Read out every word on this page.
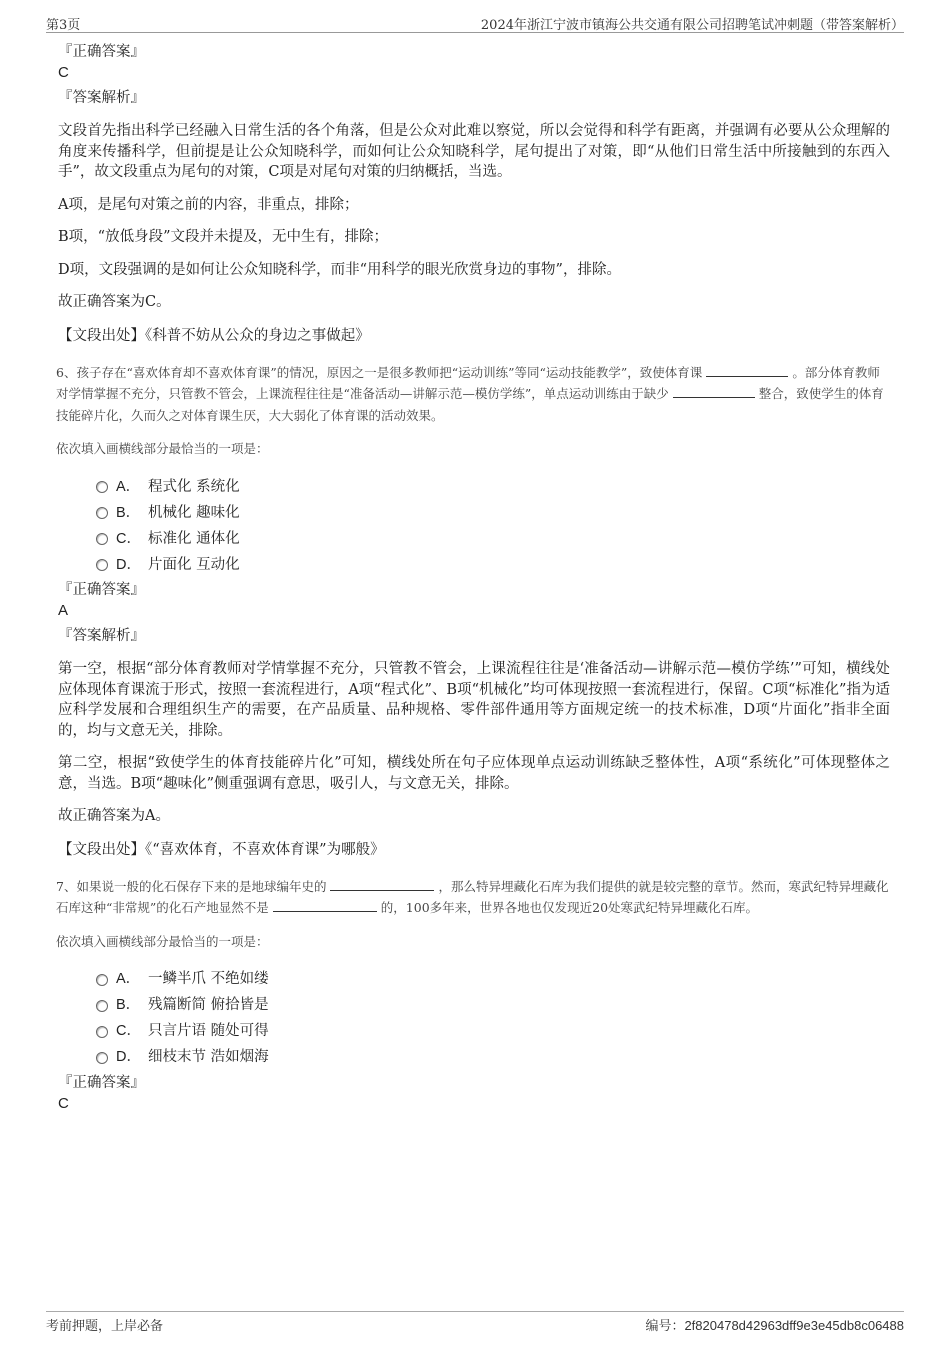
第3页	2024年浙江宁波市镇海公共交通有限公司招聘笔试冲刺题（带答案解析）
『正确答案』
C
『答案解析』
文段首先指出科学已经融入日常生活的各个角落，但是公众对此难以察觉，所以会觉得和科学有距离，并强调有必要从公众理解的角度来传播科学，但前提是让公众知晓科学，而如何让公众知晓科学，尾句提出了对策，即“从他们日常生活中所接触到的东西入手”，故文段重点为尾句的对策，C项是对尾句对策的归纳概括，当选。
A项，是尾句对策之前的内容，非重点，排除；
B项，“放低身段”文段并未提及，无中生有，排除；
D项，文段强调的是如何让公众知晓科学，而非“用科学的眼光欣赏身边的事物”，排除。
故正确答案为C。
【文段出处】《科普不妨从公众的身边之事做起》
6、孩子存在“喜欢体育却不喜欢体育课”的情况，原因之一是很多教师把“运动训练”等同“运动技能教学”，致使体育课	。部分体育教师对学情掌握不充分，只管教不管会，上课流程往往是“准备活动—讲解示范—模仿学练”，单点运动训练由于缺少	整合，致使学生的体育技能碎片化，久而久之对体育课生厌，大大弱化了体育课的活动效果。
依次填入画横线部分最恰当的一项是：
A． 程式化 系统化
B． 机械化 趣味化
C． 标准化 通体化
D． 片面化 互动化
『正确答案』
A
『答案解析』
第一空，根据“部分体育教师对学情掌握不充分，只管教不管会，上课流程往往是‘准备活动—讲解示范—模仿学练’”可知，横线处应体现体育课流于形式，按照一套流程进行，A项“程式化”、B项“机械化”均可体现按照一套流程进行，保留。C项“标准化”指为适应科学发展和合理组织生产的需要，在产品质量、品种规格、零件部件通用等方面规定统一的技术标准，D项“片面化”指非全面的，均与文意无关，排除。
第二空，根据“致使学生的体育技能碎片化”可知，横线处所在句子应体现单点运动训练缺乏整体性，A项“系统化”可体现整体之意，当选。B项“趣味化”侧重强调有意思，吸引人，与文意无关，排除。
故正确答案为A。
【文段出处】《“喜欢体育，不喜欢体育课”为哪般》
7、如果说一般的化石保存下来的是地球编年史的	，那么特异埋藏化石库为我们提供的就是较完整的章节。然而，寒武纪特异埋藏化石库这种“非常规”的化石产地显然不是	的，100多年来，世界各地也仅发现近20处寒武纪特异埋藏化石库。
依次填入画横线部分最恰当的一项是：
A． 一鳞半爪 不绝如缕
B． 残篇断简 俯拾皆是
C． 只言片语 随处可得
D． 细枝末节 浩如烟海
『正确答案』
C
考前押题，上岸必备	编号：2f820478d42963dff9e3e45db8c06488
